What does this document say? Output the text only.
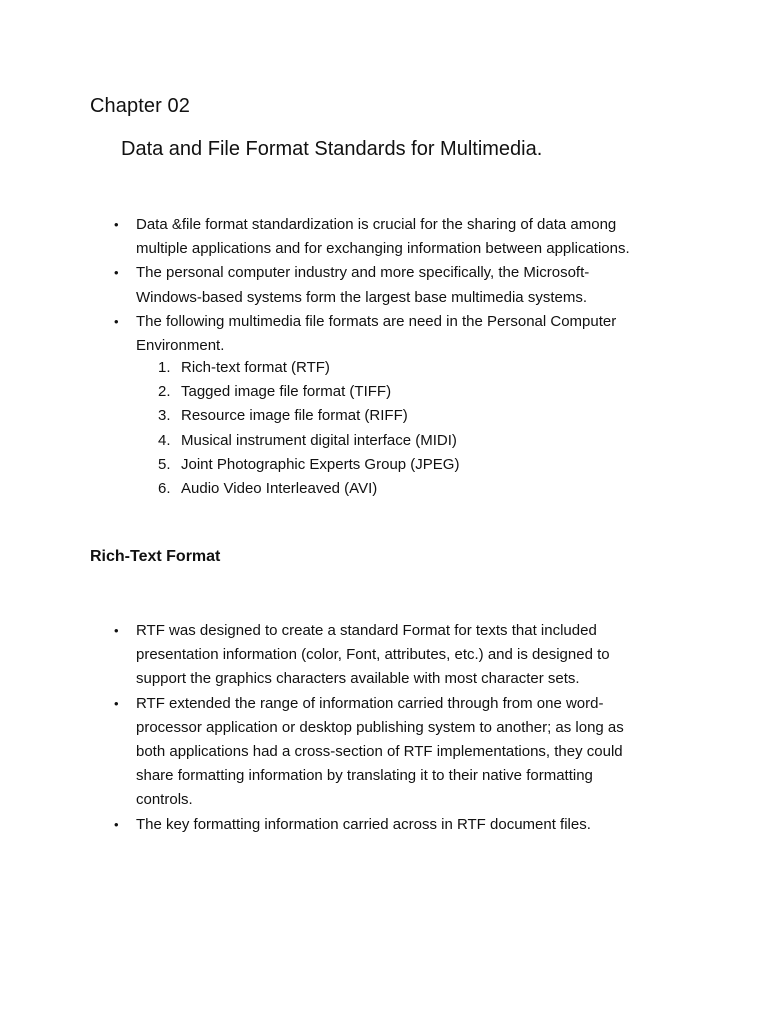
Chapter 02
Data and File Format Standards for Multimedia.
• Data &file format standardization is crucial for the sharing of data among multiple applications and for exchanging information between applications.
• The personal computer industry and more specifically, the Microsoft-Windows-based systems form the largest base multimedia systems.
• The following multimedia file formats are need in the Personal Computer Environment.
1. Rich-text format (RTF)
2. Tagged image file format (TIFF)
3. Resource image file format (RIFF)
4. Musical instrument digital interface (MIDI)
5. Joint Photographic Experts Group (JPEG)
6. Audio Video Interleaved (AVI)
Rich-Text Format
• RTF was designed to create a standard Format for texts that included presentation information (color, Font, attributes, etc.) and is designed to support the graphics characters available with most character sets.
• RTF extended the range of information carried through from one word-processor application or desktop publishing system to another; as long as both applications had a cross-section of RTF implementations, they could share formatting information by translating it to their native formatting controls.
• The key formatting information carried across in RTF document files.
